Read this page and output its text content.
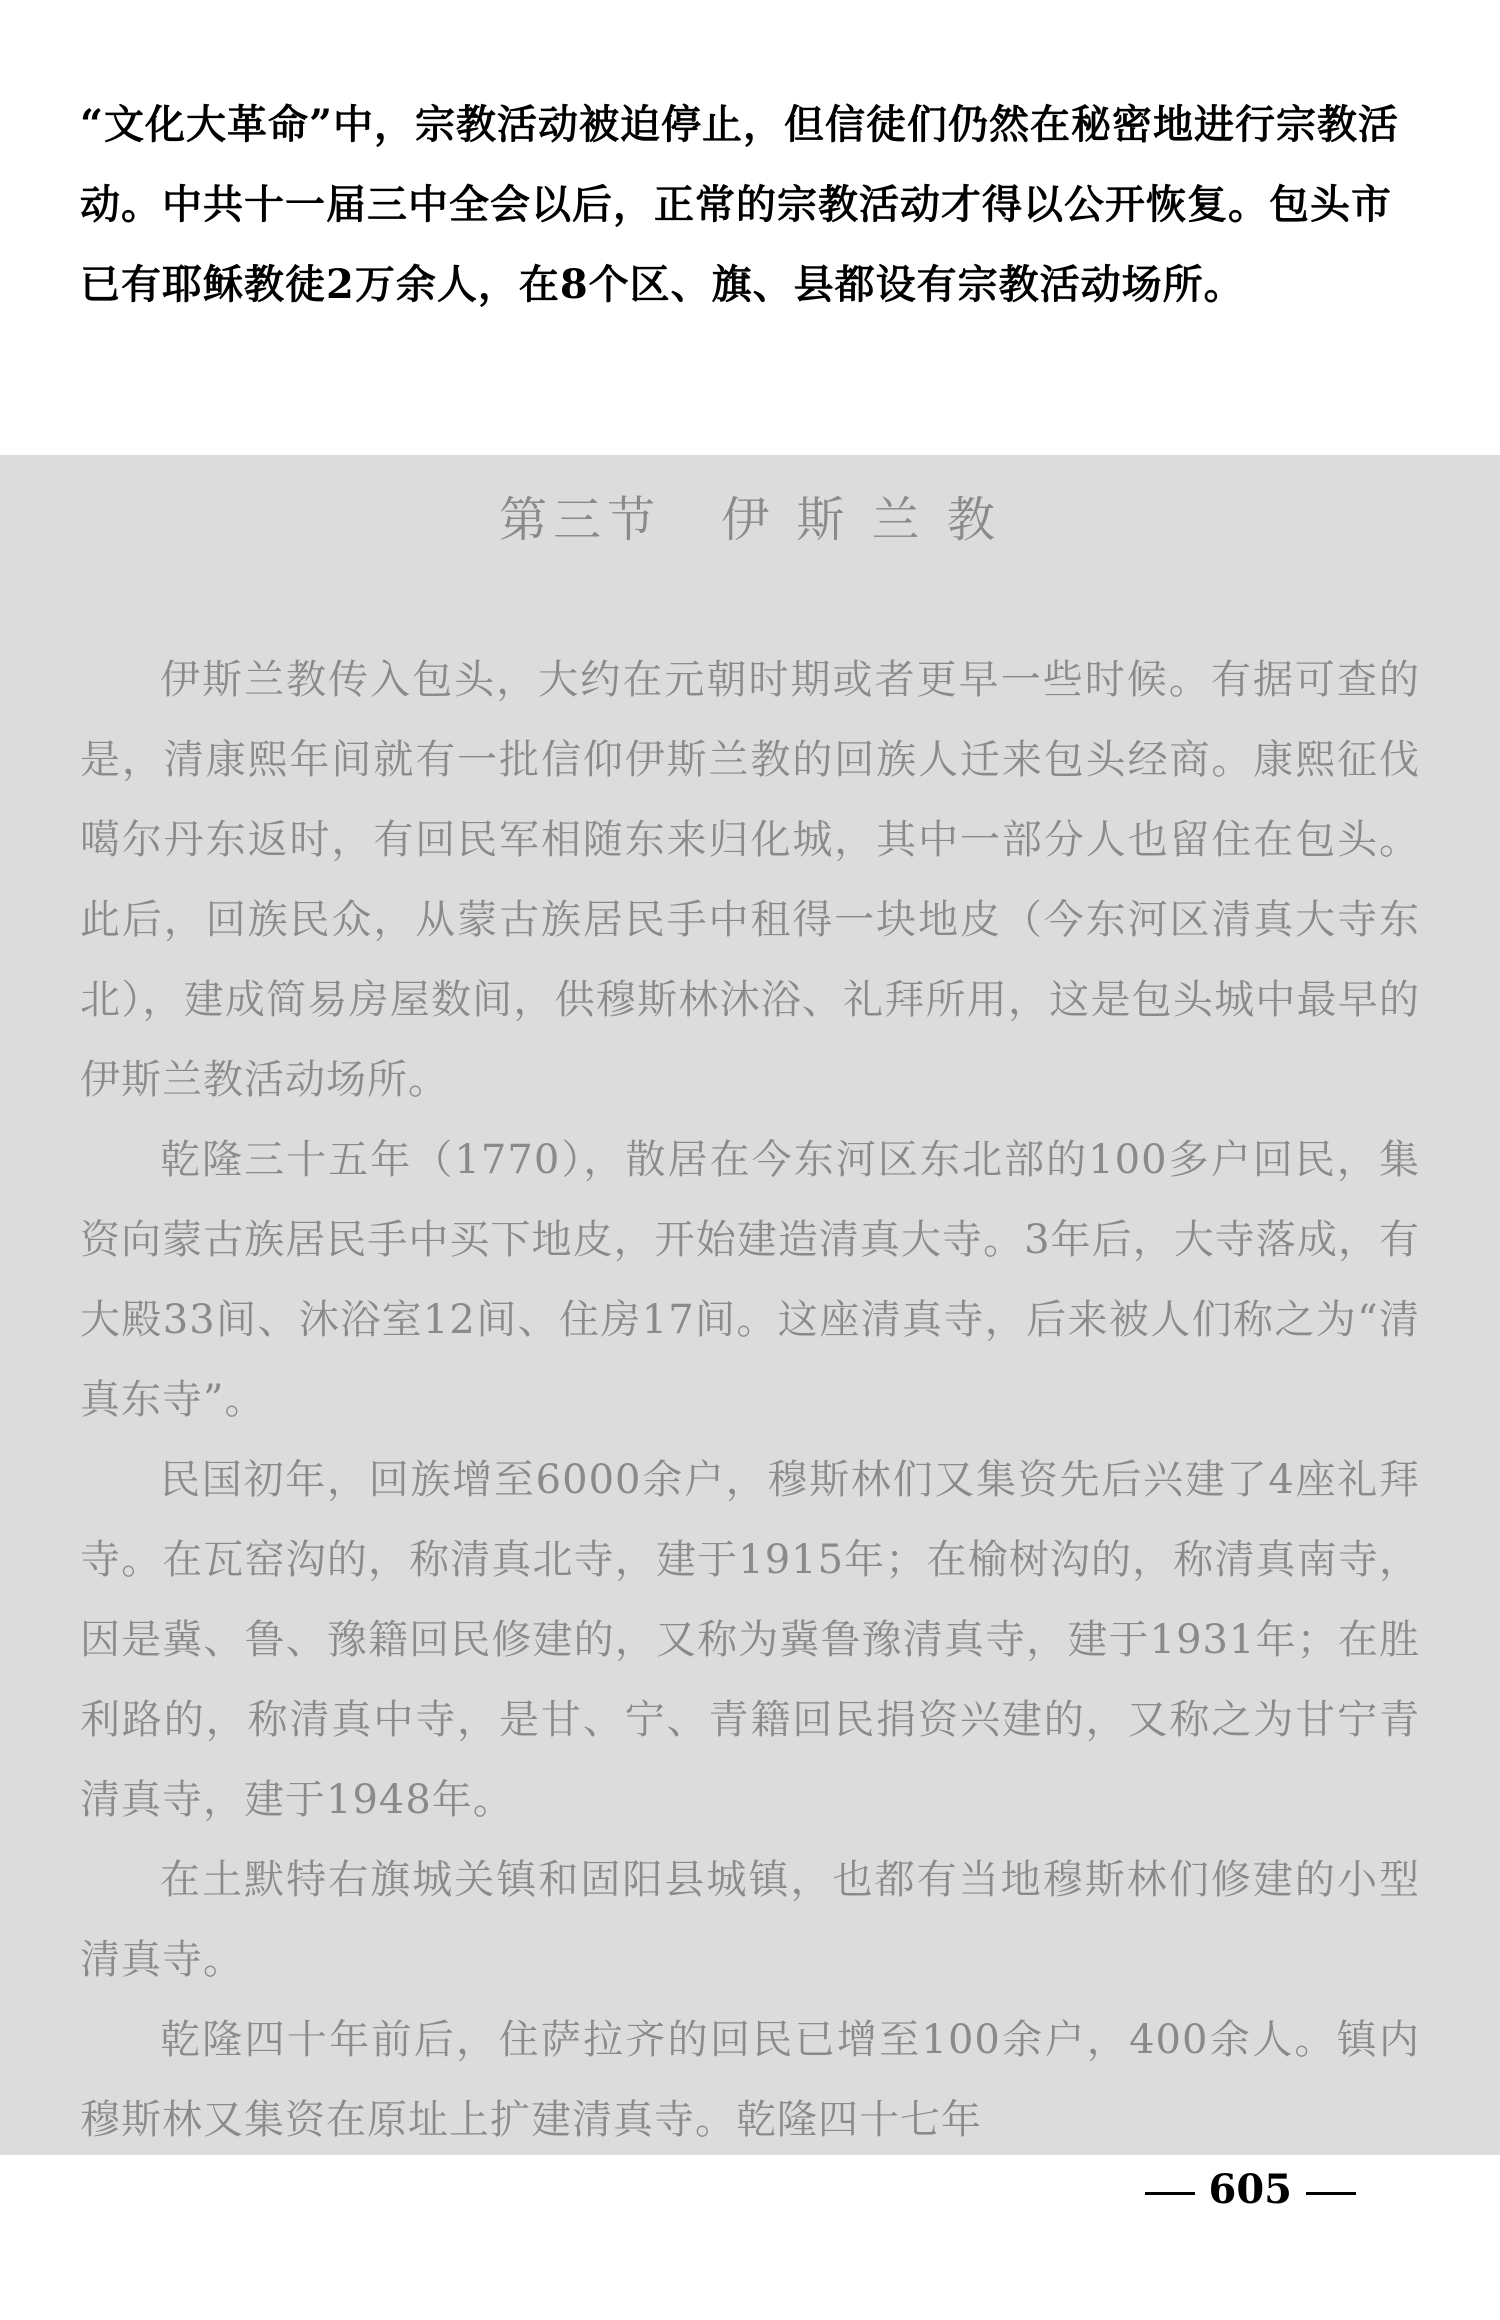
“文化大革命”中，宗教活动被迫停止，但信徒们仍然在秘密地进行宗教活动。中共十一届三中全会以后，正常的宗教活动才得以公开恢复。包头市已有耶稣教徒2万余人，在8个区、旗、县都设有宗教活动场所。
第三节 伊 斯 兰 教

伊斯兰教传入包头，大约在元朝时期或者更早一些时候。有据可查的是，清康熙年间就有一批信仰伊斯兰教的回族人迁来包头经商。康熙征伐噶尔丹东返时，有回民军相随东来归化城，其中一部分人也留住在包头。此后，回族民众，从蒙古族居民手中租得一块地皮（今东河区清真大寺东北），建成简易房屋数间，供穆斯林沐浴、礼拜所用，这是包头城中最早的伊斯兰教活动场所。

乾隆三十五年（1770），散居在今东河区东北部的100多户回民，集资向蒙古族居民手中买下地皮，开始建造清真大寺。3年后，大寺落成，有大殿33间、沐浴室12间、住房17间。这座清真寺，后来被人们称之为“清真东寺”。

民国初年，回族增至6000余户，穆斯林们又集资先后兴建了4座礼拜寺。在瓦窑沟的，称清真北寺，建于1915年；在榆树沟的，称清真南寺，因是冀、鲁、豫籍回民修建的，又称为冀鲁豫清真寺，建于1931年；在胜利路的，称清真中寺，是甘、宁、青籍回民捐资兴建的，又称之为甘宁青清真寺，建于1948年。

在土默特右旗城关镇和固阳县城镇，也都有当地穆斯林们修建的小型清真寺。

乾隆四十年前后，住萨拉齐的回民已增至100余户，400余人。镇内穆斯林又集资在原址上扩建清真寺。乾隆四十七年

605
